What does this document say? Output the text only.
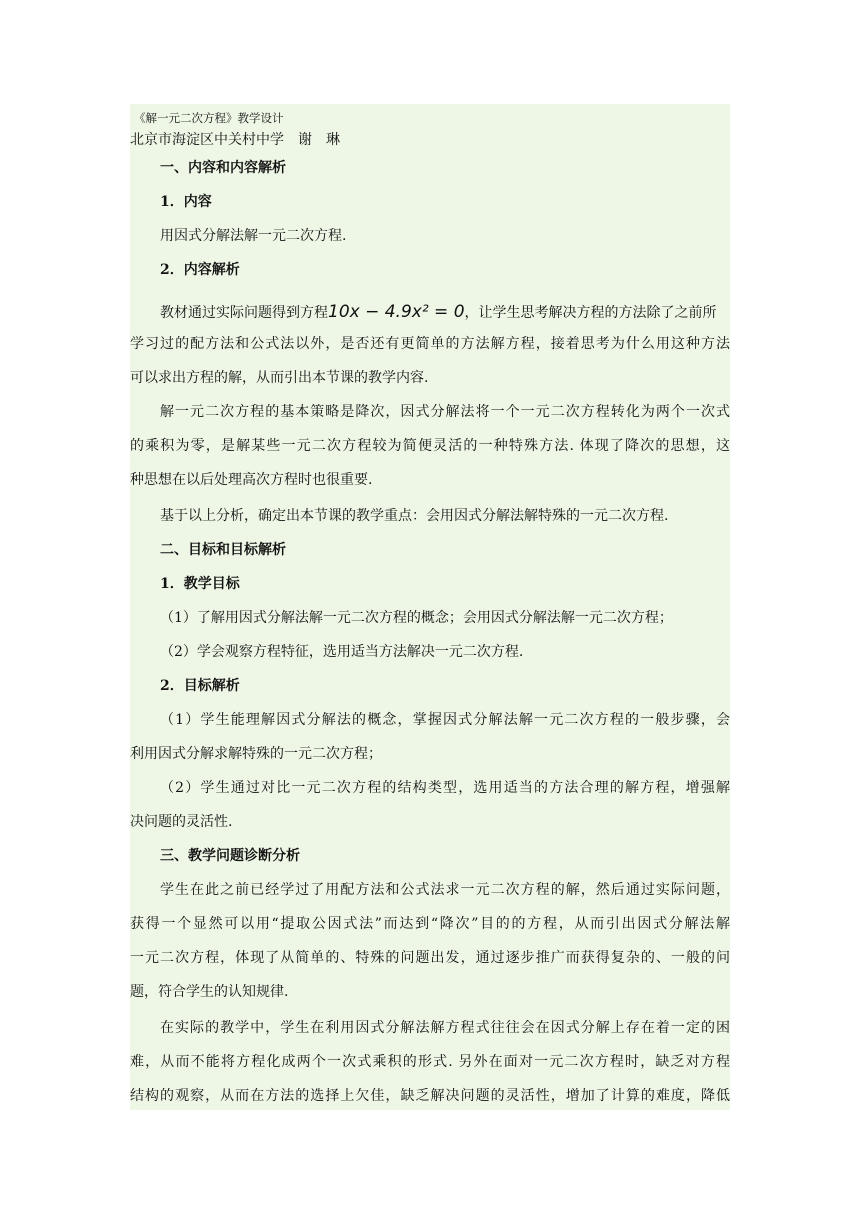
《解一元二次方程》教学设计
北京市海淀区中关村中学　谢　琳
一、内容和内容解析
1．内容
用因式分解法解一元二次方程.
2．内容解析
教材通过实际问题得到方程10x − 4.9x² = 0，让学生思考解决方程的方法除了之前所
学习过的配方法和公式法以外，是否还有更简单的方法解方程，接着思考为什么用这种方法
可以求出方程的解，从而引出本节课的教学内容.
解一元二次方程的基本策略是降次，因式分解法将一个一元二次方程转化为两个一次式
的乘积为零，是解某些一元二次方程较为简便灵活的一种特殊方法. 体现了降次的思想，这
种思想在以后处理高次方程时也很重要.
基于以上分析，确定出本节课的教学重点：会用因式分解法解特殊的一元二次方程.
二、目标和目标解析
1．教学目标
（1）了解用因式分解法解一元二次方程的概念；会用因式分解法解一元二次方程；
（2）学会观察方程特征，选用适当方法解决一元二次方程.
2．目标解析
（1）学生能理解因式分解法的概念，掌握因式分解法解一元二次方程的一般步骤，会
利用因式分解求解特殊的一元二次方程；
（2）学生通过对比一元二次方程的结构类型，选用适当的方法合理的解方程，增强解
决问题的灵活性.
三、教学问题诊断分析
学生在此之前已经学过了用配方法和公式法求一元二次方程的解，然后通过实际问题，
获得一个显然可以用“提取公因式法”而达到“降次”目的的方程，从而引出因式分解法解
一元二次方程，体现了从简单的、特殊的问题出发，通过逐步推广而获得复杂的、一般的问
题，符合学生的认知规律.
在实际的教学中，学生在利用因式分解法解方程式往往会在因式分解上存在着一定的困
难，从而不能将方程化成两个一次式乘积的形式. 另外在面对一元二次方程时，缺乏对方程
结构的观察，从而在方法的选择上欠佳，缺乏解决问题的灵活性，增加了计算的难度，降低
